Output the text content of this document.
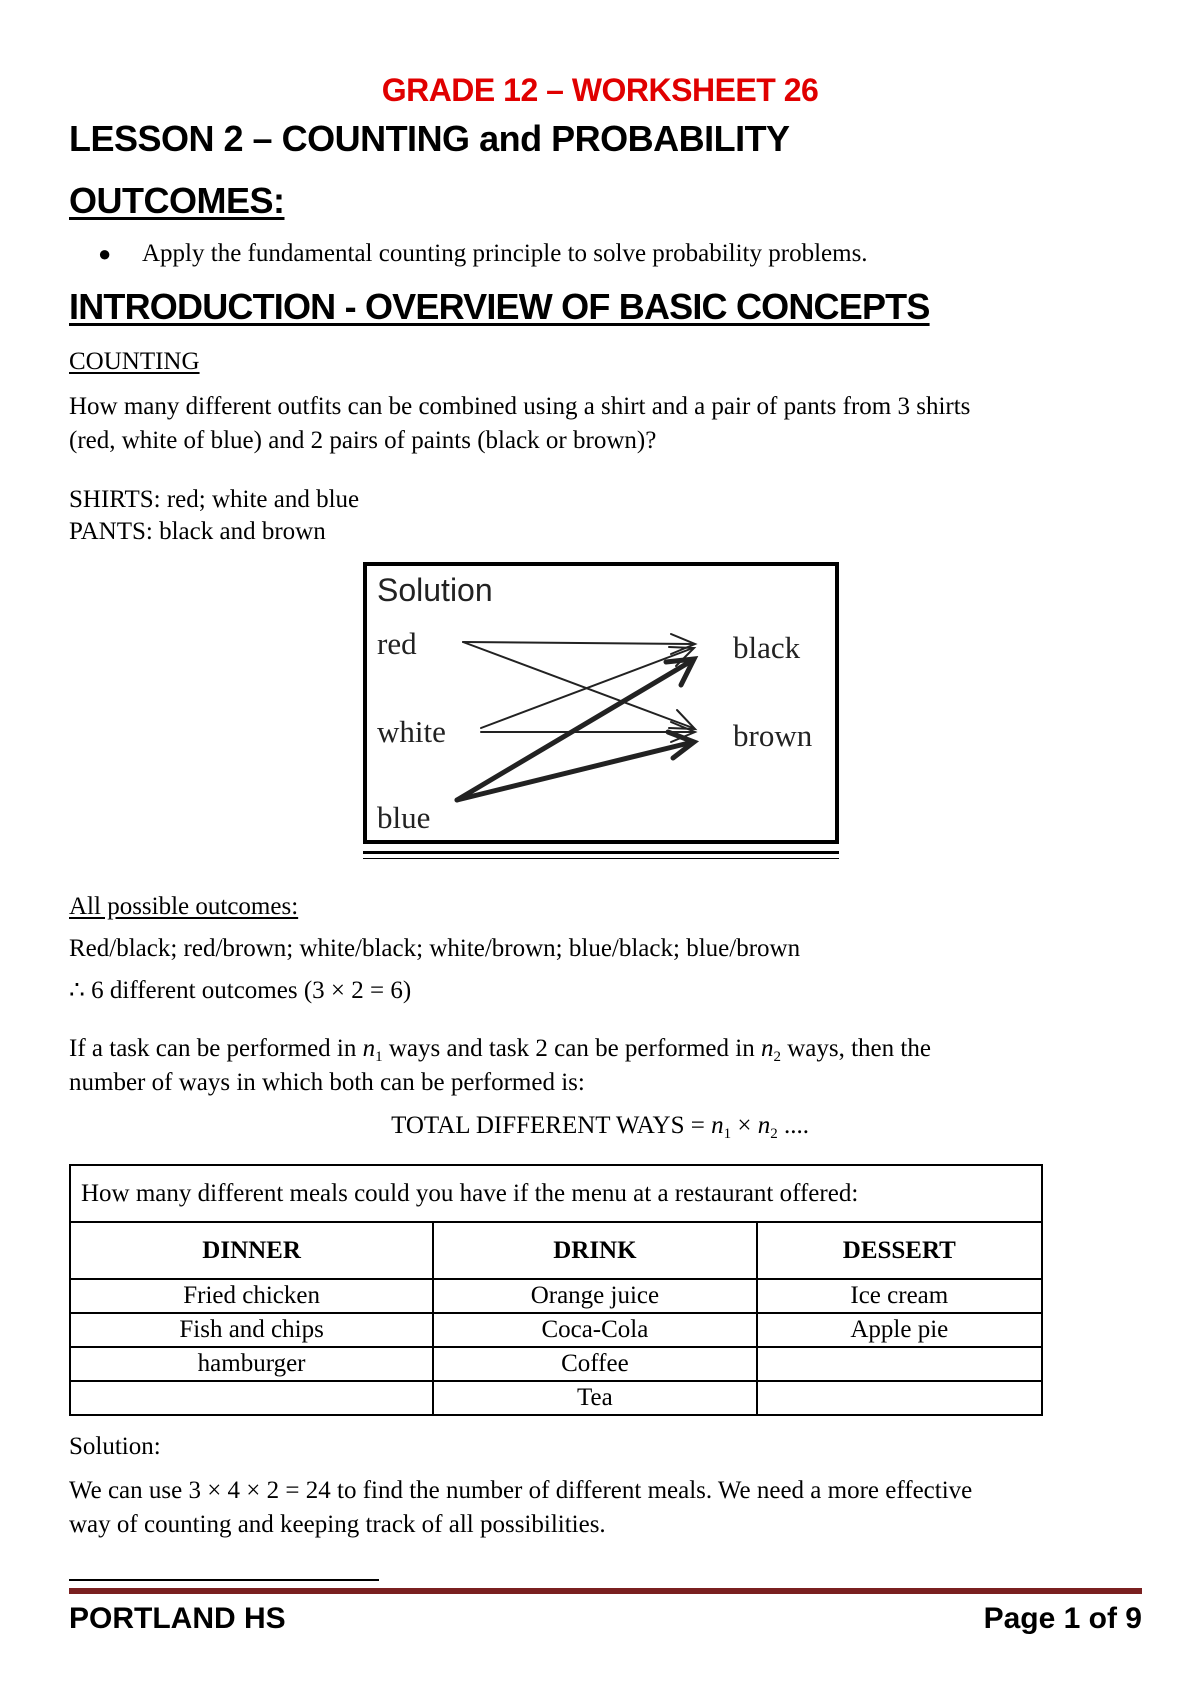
GRADE 12 – WORKSHEET 26
LESSON 2 – COUNTING and PROBABILITY
OUTCOMES:
● Apply the fundamental counting principle to solve probability problems.
INTRODUCTION - OVERVIEW OF BASIC CONCEPTS
COUNTING
How many different outfits can be combined using a shirt and a pair of pants from 3 shirts
(red, white of blue) and 2 pairs of paints (black or brown)?
SHIRTS: red; white and blue
PANTS: black and brown
Solution
red
white
blue
black
brown
All possible outcomes:
Red/black; red/brown; white/black; white/brown; blue/black; blue/brown
∴ 6 different outcomes (3 × 2 = 6)
If a task can be performed in $n_1$ ways and task 2 can be performed in $n_2$ ways, then the
number of ways in which both can be performed is:
TOTAL DIFFERENT WAYS = $n_1 \times n_2$ ....
How many different meals could you have if the menu at a restaurant offered:		
DINNER	DRINK	DESSERT
Fried chicken	Orange juice	Ice cream
Fish and chips	Coca-Cola	Apple pie
hamburger	Coffee	
	Tea	
Solution:
We can use 3 × 4 × 2 = 24 to find the number of different meals. We need a more effective
way of counting and keeping track of all possibilities.
PORTLAND HS	Page 1 of 9
